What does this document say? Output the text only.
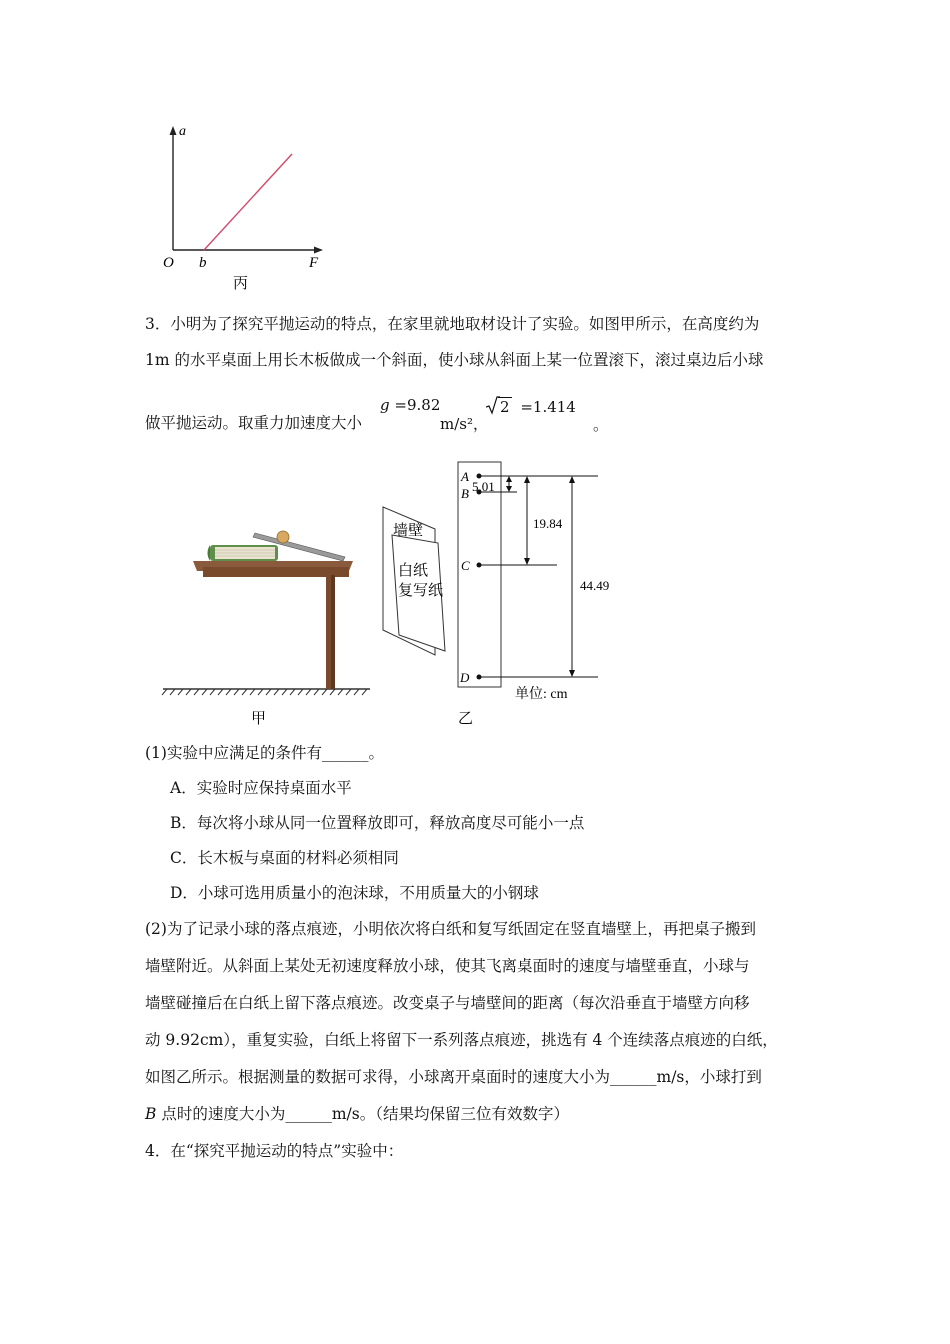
a
O b	F
丙
3．小明为了探究平抛运动的特点，在家里就地取材设计了实验。如图甲所示，在高度约为
1m 的水平桌面上用长木板做成一个斜面，使小球从斜面上某一位置滚下，滚过桌边后小球
做平抛运动。取重力加速度大小
g =9.82
m/s²，
2 =1.414
。
墙壁
白纸
复写纸
A
B
C
D
5.01
19.84
44.49
单位: cm
甲	乙
(1)实验中应满足的条件有______。
A．实验时应保持桌面水平
B．每次将小球从同一位置释放即可，释放高度尽可能小一点
C．长木板与桌面的材料必须相同
D．小球可选用质量小的泡沫球，不用质量大的小钢球
(2)为了记录小球的落点痕迹，小明依次将白纸和复写纸固定在竖直墙壁上，再把桌子搬到
墙壁附近。从斜面上某处无初速度释放小球，使其飞离桌面时的速度与墙壁垂直，小球与
墙壁碰撞后在白纸上留下落点痕迹。改变桌子与墙壁间的距离（每次沿垂直于墙壁方向移
动 9.92cm），重复实验，白纸上将留下一系列落点痕迹，挑选有 4 个连续落点痕迹的白纸，
如图乙所示。根据测量的数据可求得，小球离开桌面时的速度大小为______m/s，小球打到
B 点时的速度大小为______m/s。（结果均保留三位有效数字）
4．在“探究平抛运动的特点”实验中：
